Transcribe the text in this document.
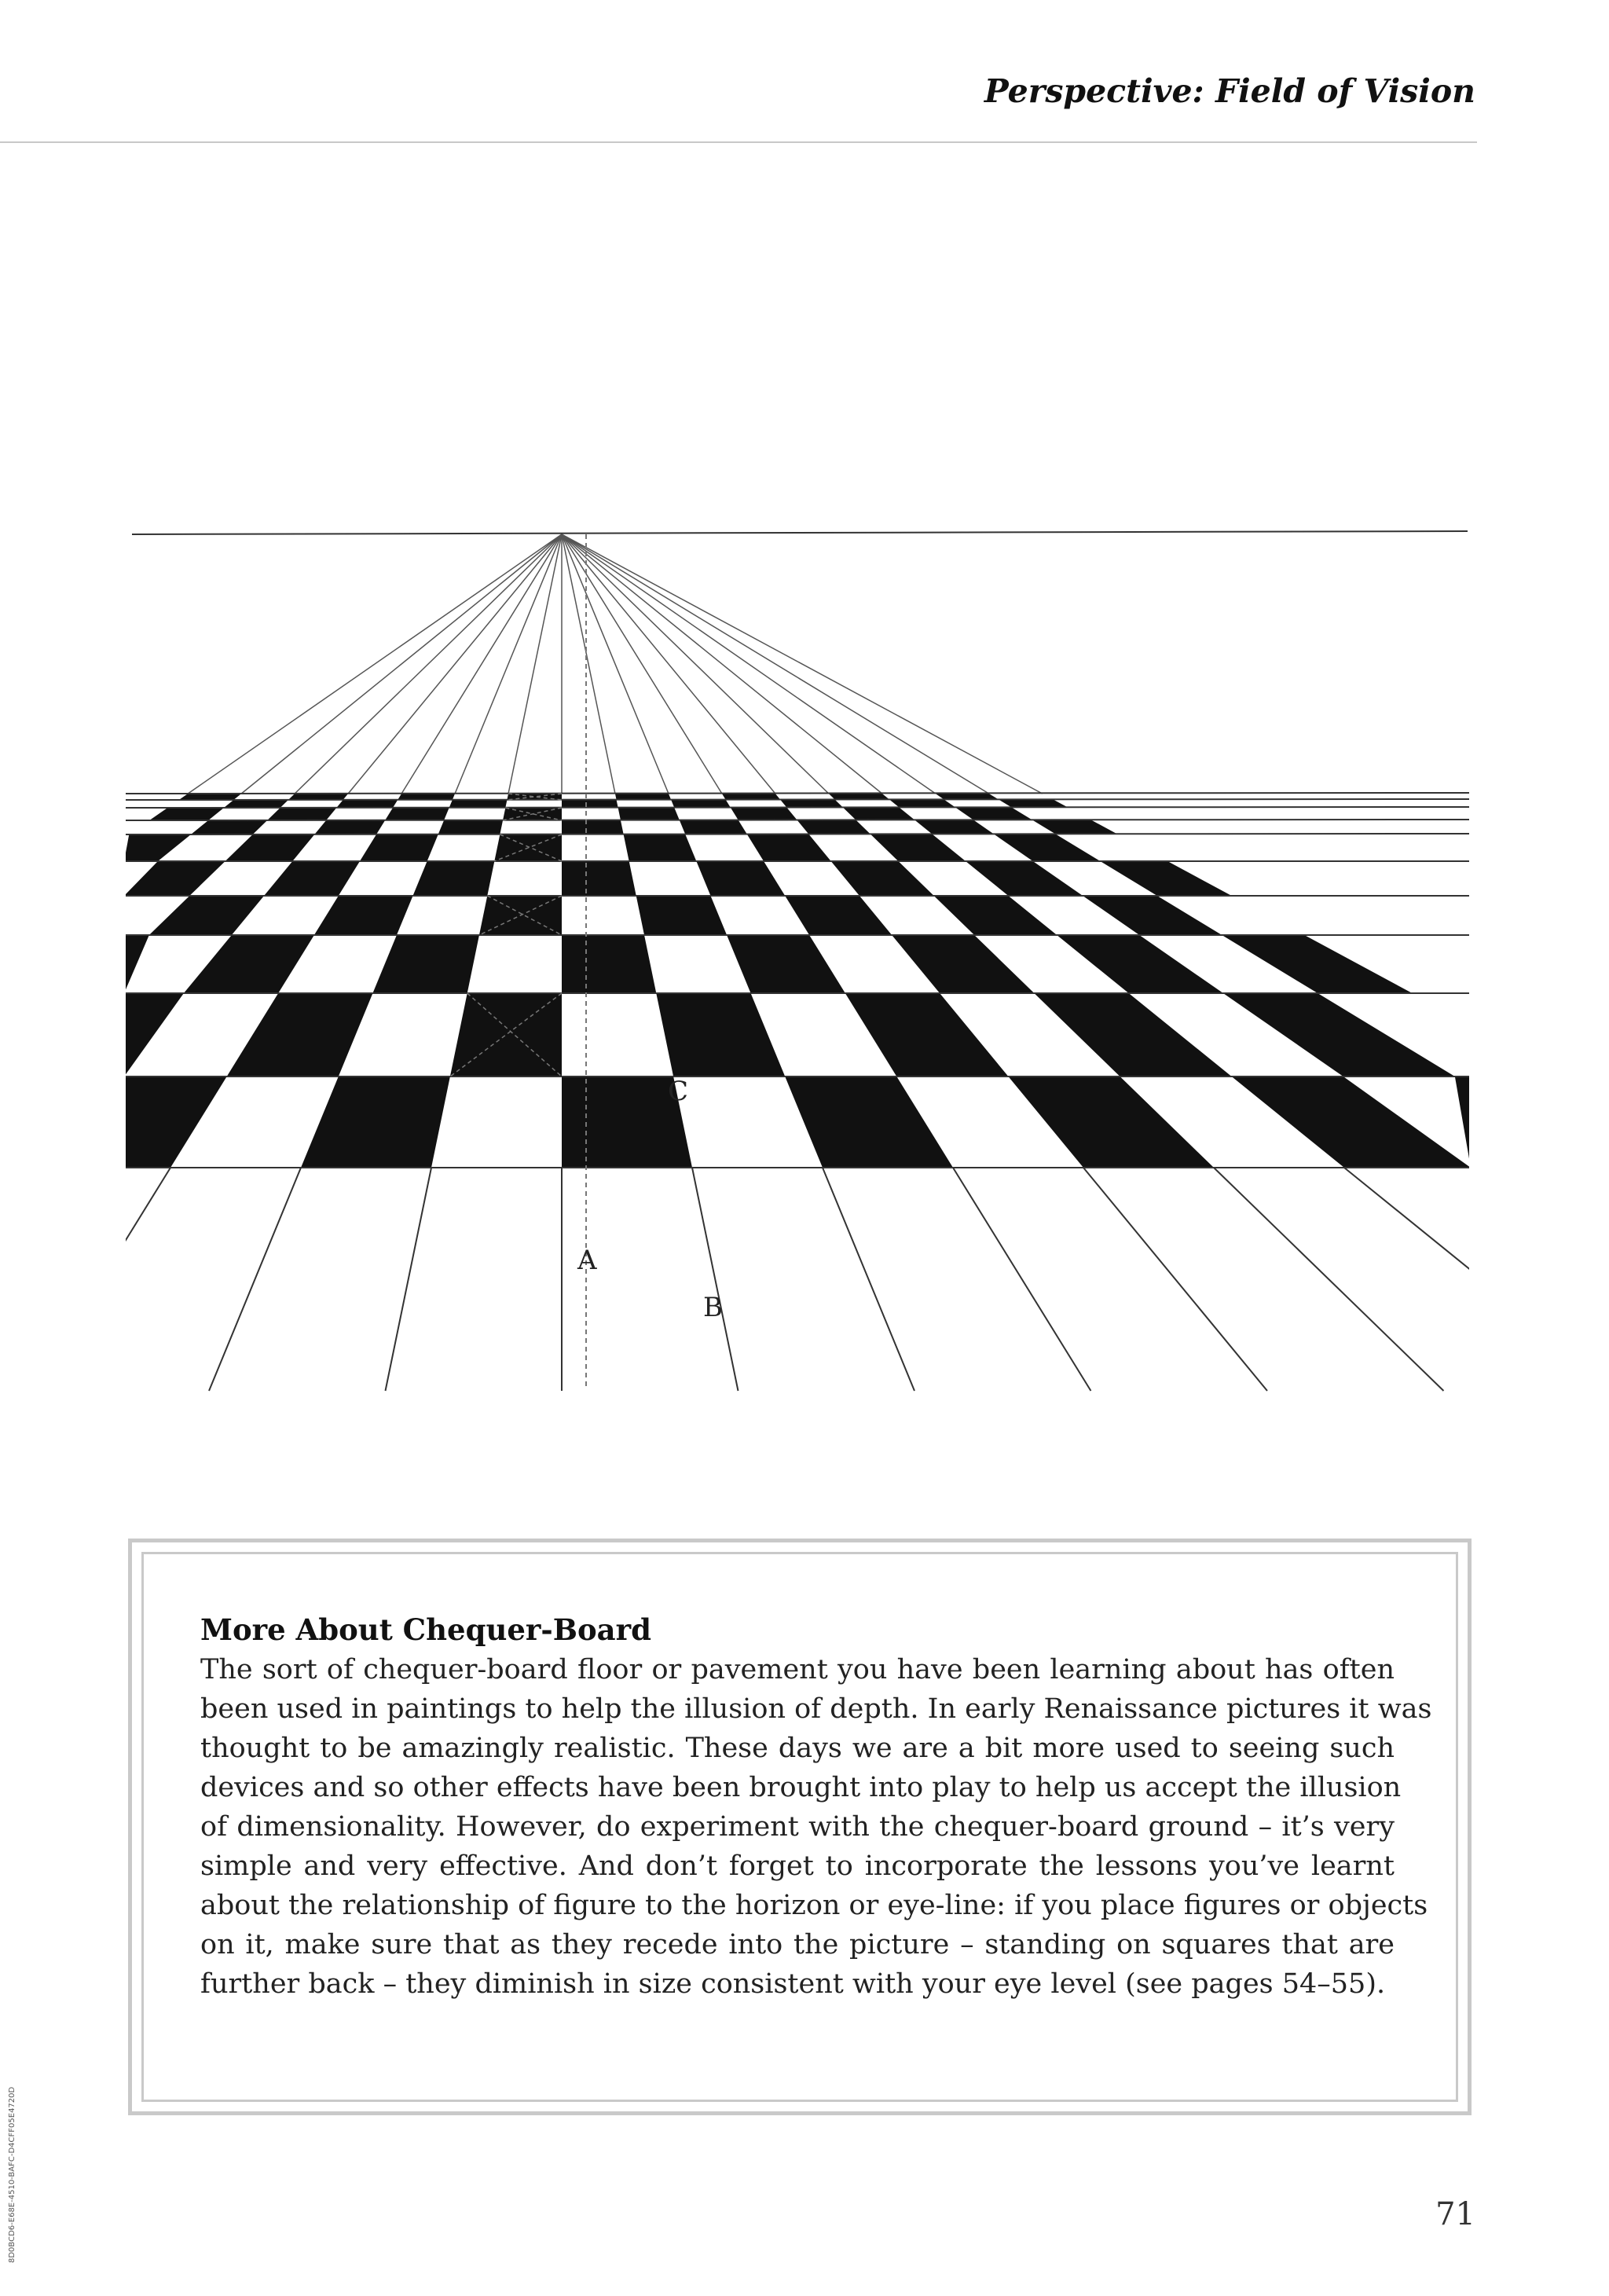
Perspective: Field of Vision
A
B
C
More About Chequer-Board
The sort of chequer-board floor or pavement you have been learning about has often
been used in paintings to help the illusion of depth. In early Renaissance pictures it was
thought to be amazingly realistic. These days we are a bit more used to seeing such
devices and so other effects have been brought into play to help us accept the illusion
of dimensionality. However, do experiment with the chequer-board ground – it’s very
simple and very effective. And don’t forget to incorporate the lessons you’ve learnt
about the relationship of figure to the horizon or eye-line: if you place figures or objects
on it, make sure that as they recede into the picture – standing on squares that are
further back – they diminish in size consistent with your eye level (see pages 54–55).
71
8D0BCD6-E68E-4510-BAFC-D4CFF05E4720D
